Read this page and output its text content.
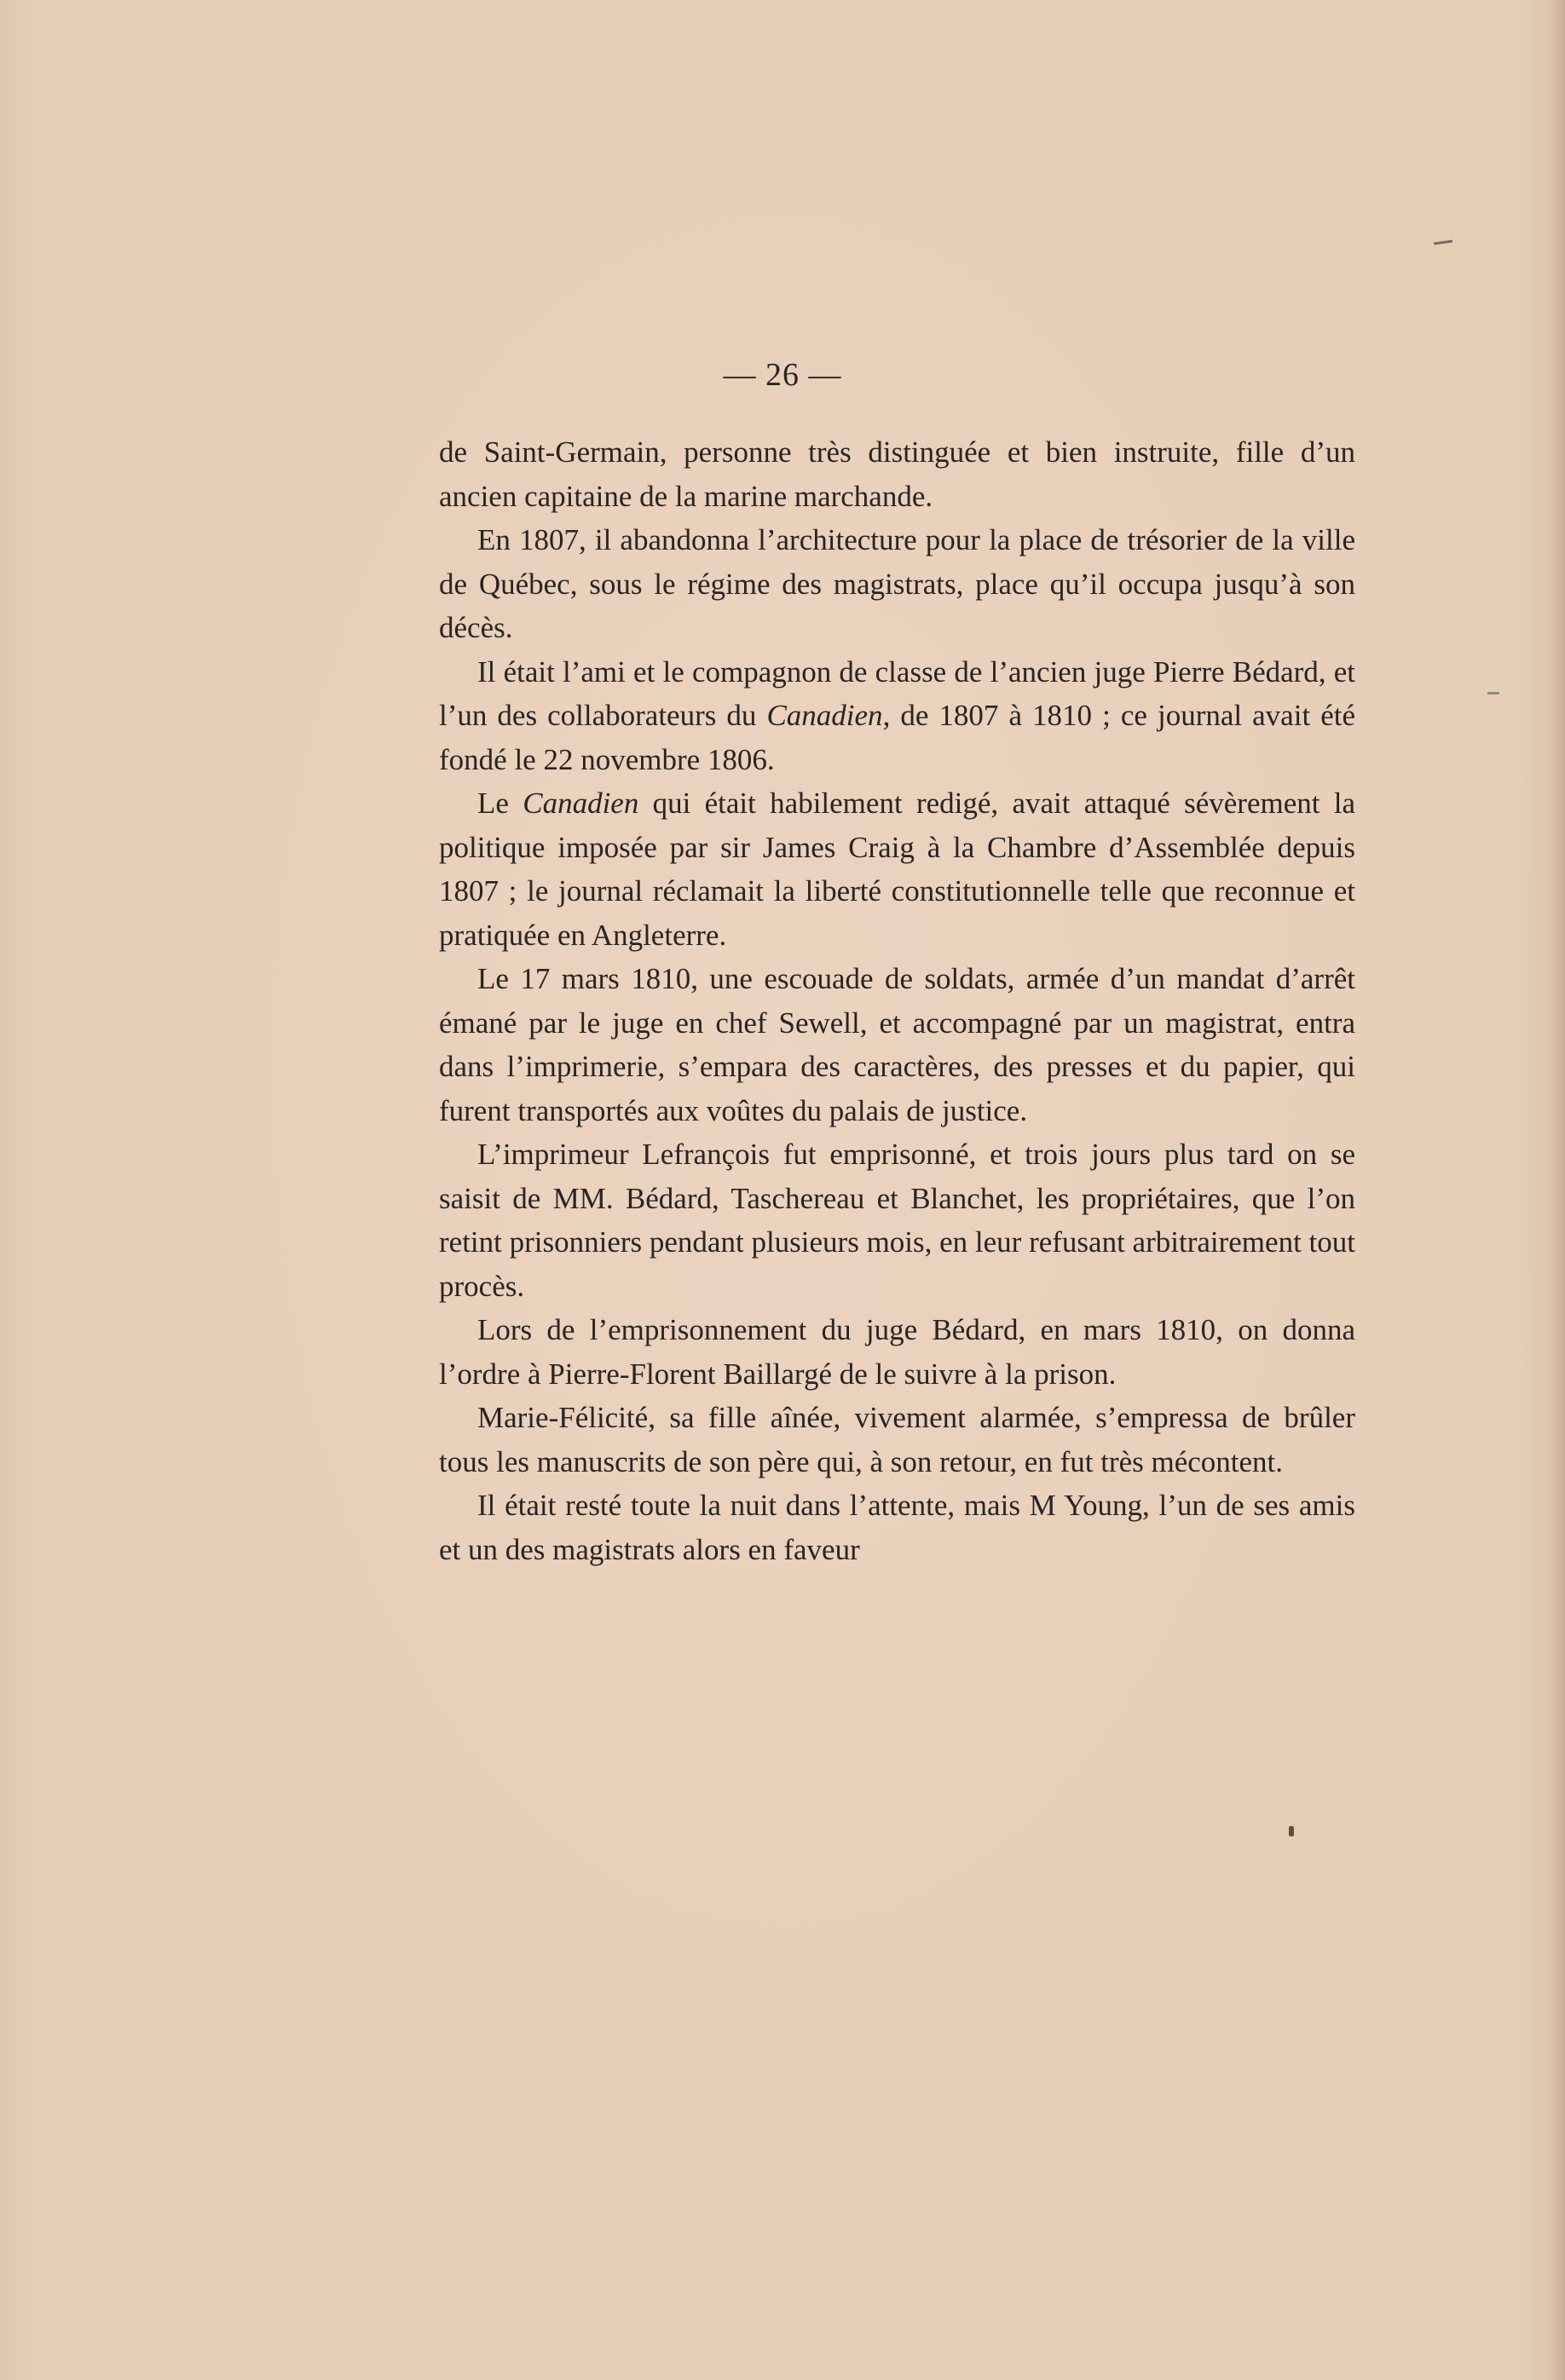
— 26 —

de Saint-Germain, personne très distinguée et bien instruite, fille d’un ancien capitaine de la marine marchande.

En 1807, il abandonna l’architecture pour la place de trésorier de la ville de Québec, sous le régime des magistrats, place qu’il occupa jusqu’à son décès.

Il était l’ami et le compagnon de classe de l’ancien juge Pierre Bédard, et l’un des collaborateurs du Canadien, de 1807 à 1810 ; ce journal avait été fondé le 22 novembre 1806.

Le Canadien qui était habilement redigé, avait attaqué sévèrement la politique imposée par sir James Craig à la Chambre d’Assemblée depuis 1807 ; le journal réclamait la liberté constitutionnelle telle que reconnue et pratiquée en Angleterre.

Le 17 mars 1810, une escouade de soldats, armée d’un mandat d’arrêt émané par le juge en chef Sewell, et accompagné par un magistrat, entra dans l’imprimerie, s’empara des caractères, des presses et du papier, qui furent transportés aux voûtes du palais de justice.

L’imprimeur Lefrançois fut emprisonné, et trois jours plus tard on se saisit de MM. Bédard, Taschereau et Blanchet, les propriétaires, que l’on retint prisonniers pendant plusieurs mois, en leur refusant arbitrairement tout procès.

Lors de l’emprisonnement du juge Bédard, en mars 1810, on donna l’ordre à Pierre-Florent Baillargé de le suivre à la prison.

Marie-Félicité, sa fille aînée, vivement alarmée, s’empressa de brûler tous les manuscrits de son père qui, à son retour, en fut très mécontent.

Il était resté toute la nuit dans l’attente, mais M Young, l’un de ses amis et un des magistrats alors en faveur
